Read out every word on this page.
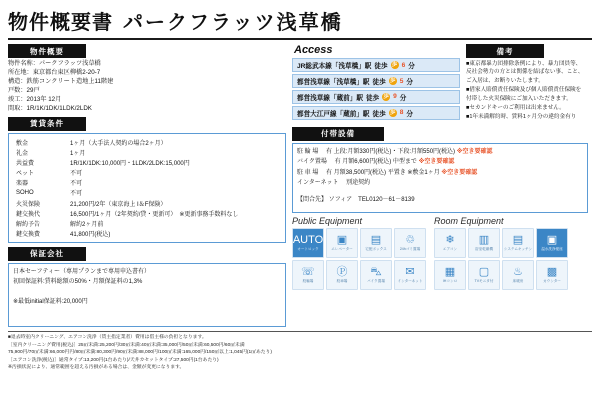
物件概要書 パークフラッツ浅草橋
物件概要
物件名称：パークフラッツ浅草橋
所在地：東京都台東区柳橋2-20-7
構造：鉄筋コンクリート造地上11階建
戸数：29戸
竣工：2013年 12月
間取：1R/1K/1DK/1LDK/2LDK
賃貸条件
敷金	1ヶ月（大手法人契約の場合2ヶ月）
礼金	1ヶ月
共益費	1R/1K/1DK:10,000円・1LDK/2LDK:15,000円
ペット	不可
楽器	不可
SOHO	不可
火災保険	21,200円/2年（東京海上 I＆F保険）
鍵交換代	16,500円/1ヶ月（2年契約/貸・更新可）　※更新事務手数料なし
解約予告	解約2ヶ月前
鍵交換費	41,800円(税込)
保証会社
日本セーフティー（専用プランまで専用申込書有）
初回保証料:賃料総額の50%・月額保証料の1,3%
※最低initial保証料:20,000円
Access
JR総武本線「浅草橋」駅 徒歩 歩 6 分
都営浅草線「浅草橋」駅 徒歩 歩 5 分
都営浅草線「蔵前」駅 徒歩 歩 9 分
都営大江戸線「蔵前」駅 徒歩 歩 8 分
備考
■東京都暴力団排除条例により、暴力団員等、反社会勢力の方とは関係を結ばない事、こと、ご入居は、お断りいたします。
■借家人賠償責任保険及び個人賠償責任保険を付帯した火災保険にご加入いただきます。
■セカンドキーのご利用は出来ません。
■1年未満解約時、賃料1ヶ月分の違約金有り
付帯設備
駐 輪 場 　 有 上段:月額330円(税込)・下段:月額550円(税込) ※空き要確認
バイク置場 　 有 月額6,600円(税込) 中型まで ※空き要確認
駐 車 場 　 有 月額38,500円(税込) 平置き ※敷金1ヶ月 ※空き要確認
インターネット 　 別途契約
【問合先】 ソフィア　TEL0120－61－8139
Public Equipment
AUTO
オートロック
▣
エレベーター
▤
宅配ボックス
♲
24hゴミ置場
☏
駐輪場
Ⓟ
駐車場
⛍
バイク置場
✉
インターネット
Room Equipment
❄
エアコン
▥
浴室乾燥機
▤
システムキッチン
▣
温水洗浄便座
▦
IHコンロ
▢
TVモニタ付
♨
床暖房
▩
カウンター
■退去時室内クリーニング、エアコン洗浄（賃主指定業者）費用は借主様の負担となります。
［室内クリーニング費用(税込)］25㎡未満:25,200円/30㎡未満:40㎡未満:35,000円/50㎡未満:60,500円/60㎡未満
75,900円/70㎡未満:66,000円円/80㎡未満:80,300円/90㎡未満:88,000円/100㎡未満:165,000円/150㎡以上:1,045円(1㎡あたり)
［エアコン洗浄(税込)］通常タイプ:13,200円(1台あたり)/天井カセットタイプ:27,500円(1台あたり)
※汚損状況により、通常範囲を超える汚損がある場合は、金額が変更になります。
